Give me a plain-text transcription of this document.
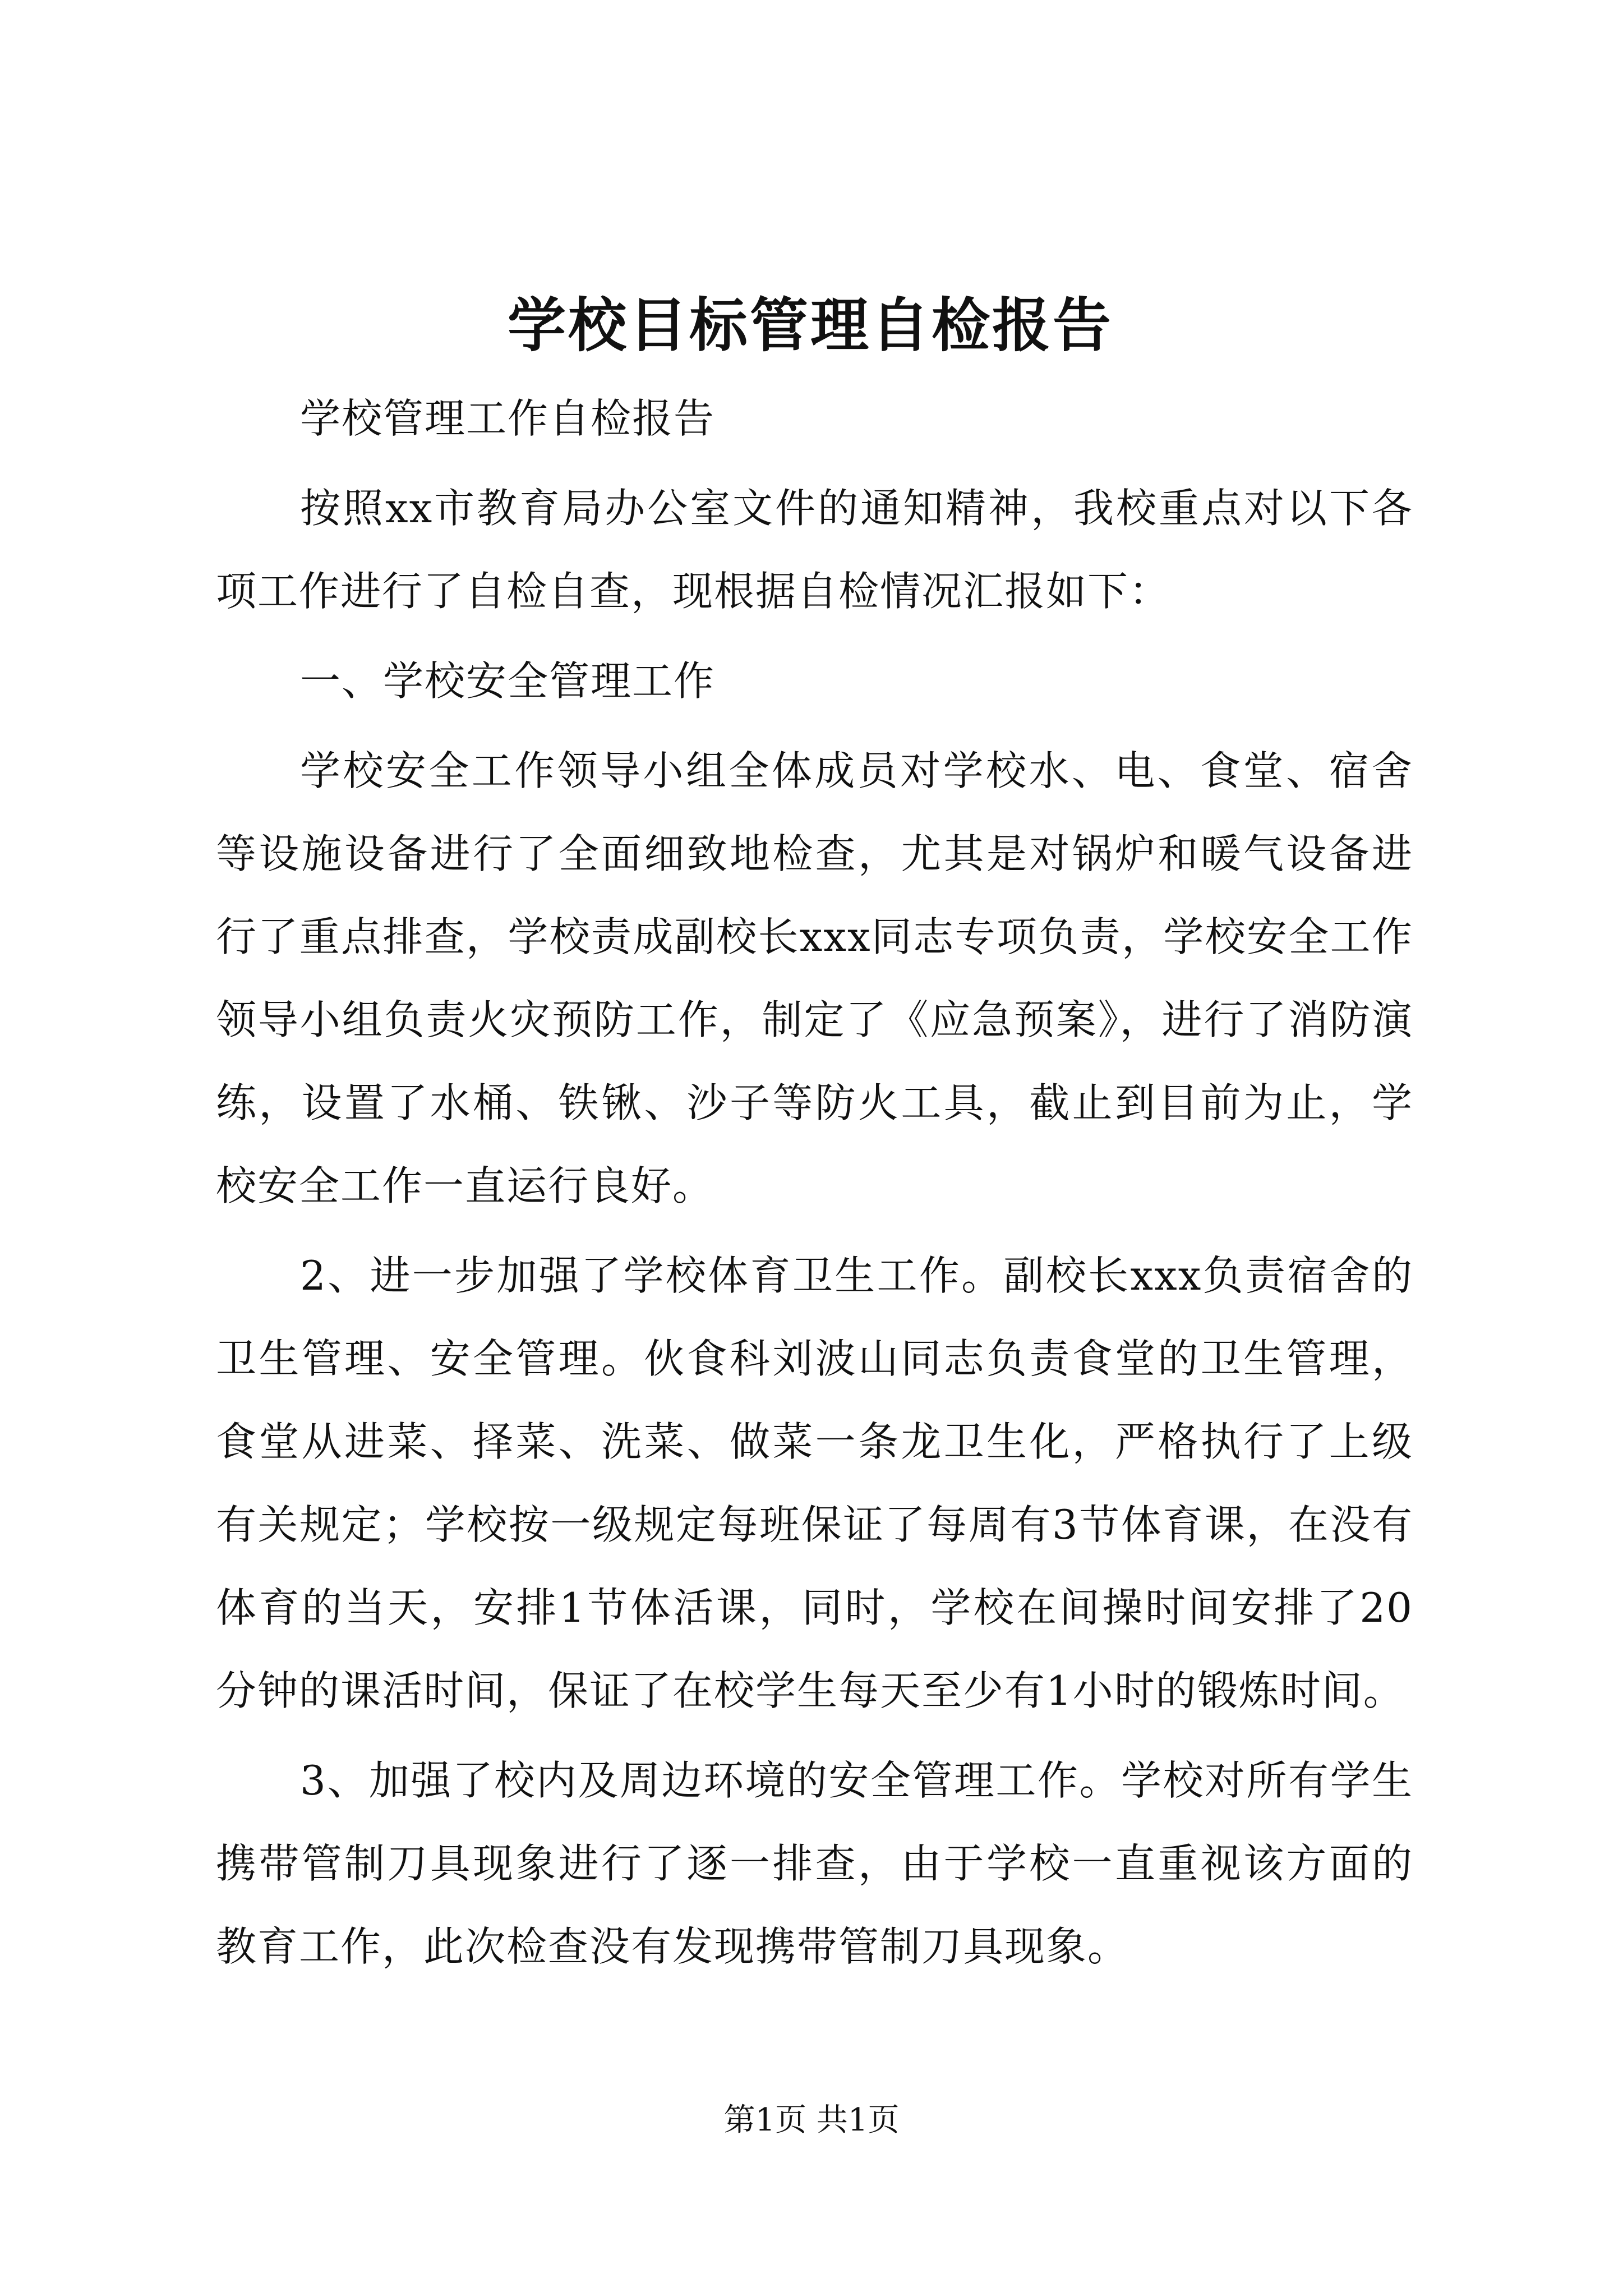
学校目标管理自检报告

学校管理工作自检报告

按照xx市教育局办公室文件的通知精神，我校重点对以下各项工作进行了自检自查，现根据自检情况汇报如下：

一、学校安全管理工作

学校安全工作领导小组全体成员对学校水、电、食堂、宿舍等设施设备进行了全面细致地检查，尤其是对锅炉和暖气设备进行了重点排查，学校责成副校长xxx同志专项负责，学校安全工作领导小组负责火灾预防工作，制定了《应急预案》，进行了消防演练，设置了水桶、铁锹、沙子等防火工具，截止到目前为止，学校安全工作一直运行良好。

2、进一步加强了学校体育卫生工作。副校长xxx负责宿舍的卫生管理、安全管理。伙食科刘波山同志负责食堂的卫生管理，食堂从进菜、择菜、洗菜、做菜一条龙卫生化，严格执行了上级有关规定；学校按一级规定每班保证了每周有3节体育课，在没有体育的当天，安排1节体活课，同时，学校在间操时间安排了20分钟的课活时间，保证了在校学生每天至少有1小时的锻炼时间。

3、加强了校内及周边环境的安全管理工作。学校对所有学生携带管制刀具现象进行了逐一排查，由于学校一直重视该方面的教育工作，此次检查没有发现携带管制刀具现象。

第1页 共1页
